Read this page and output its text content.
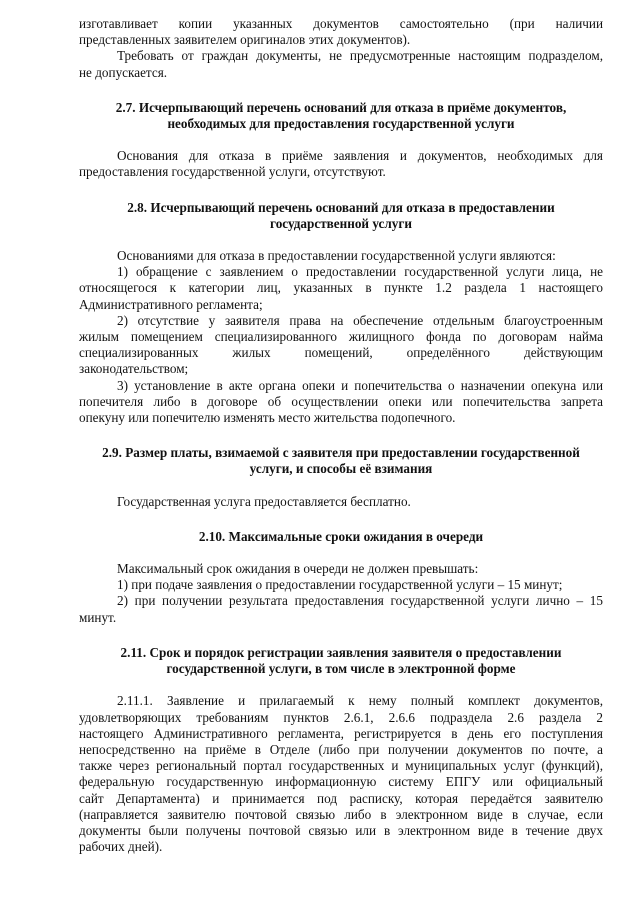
изготавливает копии указанных документов самостоятельно (при наличии

представленных заявителем оригиналов этих документов).

Требовать от граждан документы, не предусмотренные настоящим подразделом,

не допускается.

2.7. Исчерпывающий перечень оснований для отказа в приёме документов,
необходимых для предоставления государственной услуги

Основания для отказа в приёме заявления и документов, необходимых для

предоставления государственной услуги, отсутствуют.

2.8. Исчерпывающий перечень оснований для отказа в предоставлении
государственной услуги

Основаниями для отказа в предоставлении государственной услуги являются:

1) обращение с заявлением о предоставлении государственной услуги лица, не

относящегося к категории лиц, указанных в пункте 1.2 раздела 1 настоящего

Административного регламента;

2) отсутствие у заявителя права на обеспечение отдельным благоустроенным

жилым помещением специализированного жилищного фонда по договорам найма

специализированных жилых помещений, определённого действующим

законодательством;

3) установление в акте органа опеки и попечительства о назначении опекуна или

попечителя либо в договоре об осуществлении опеки или попечительства запрета

опекуну или попечителю изменять место жительства подопечного.

2.9. Размер платы, взимаемой с заявителя при предоставлении государственной
услуги, и способы её взимания

Государственная услуга предоставляется бесплатно.

2.10. Максимальные сроки ожидания в очереди

Максимальный срок ожидания в очереди не должен превышать:

1) при подаче заявления о предоставлении государственной услуги – 15 минут;

2) при получении результата предоставления государственной услуги лично – 15

минут.

2.11. Срок и порядок регистрации заявления заявителя о предоставлении
государственной услуги, в том числе в электронной форме

2.11.1. Заявление и прилагаемый к нему полный комплект документов,

удовлетворяющих требованиям пунктов 2.6.1, 2.6.6 подраздела 2.6 раздела 2

настоящего Административного регламента, регистрируется в день его поступления

непосредственно на приёме в Отделе (либо при получении документов по почте, а

также через региональный портал государственных и муниципальных услуг (функций),

федеральную государственную информационную систему ЕПГУ или официальный

сайт Департамента) и принимается под расписку, которая передаётся заявителю

(направляется заявителю почтовой связью либо в электронном виде в случае, если

документы были получены почтовой связью или в электронном виде в течение двух

рабочих дней).
